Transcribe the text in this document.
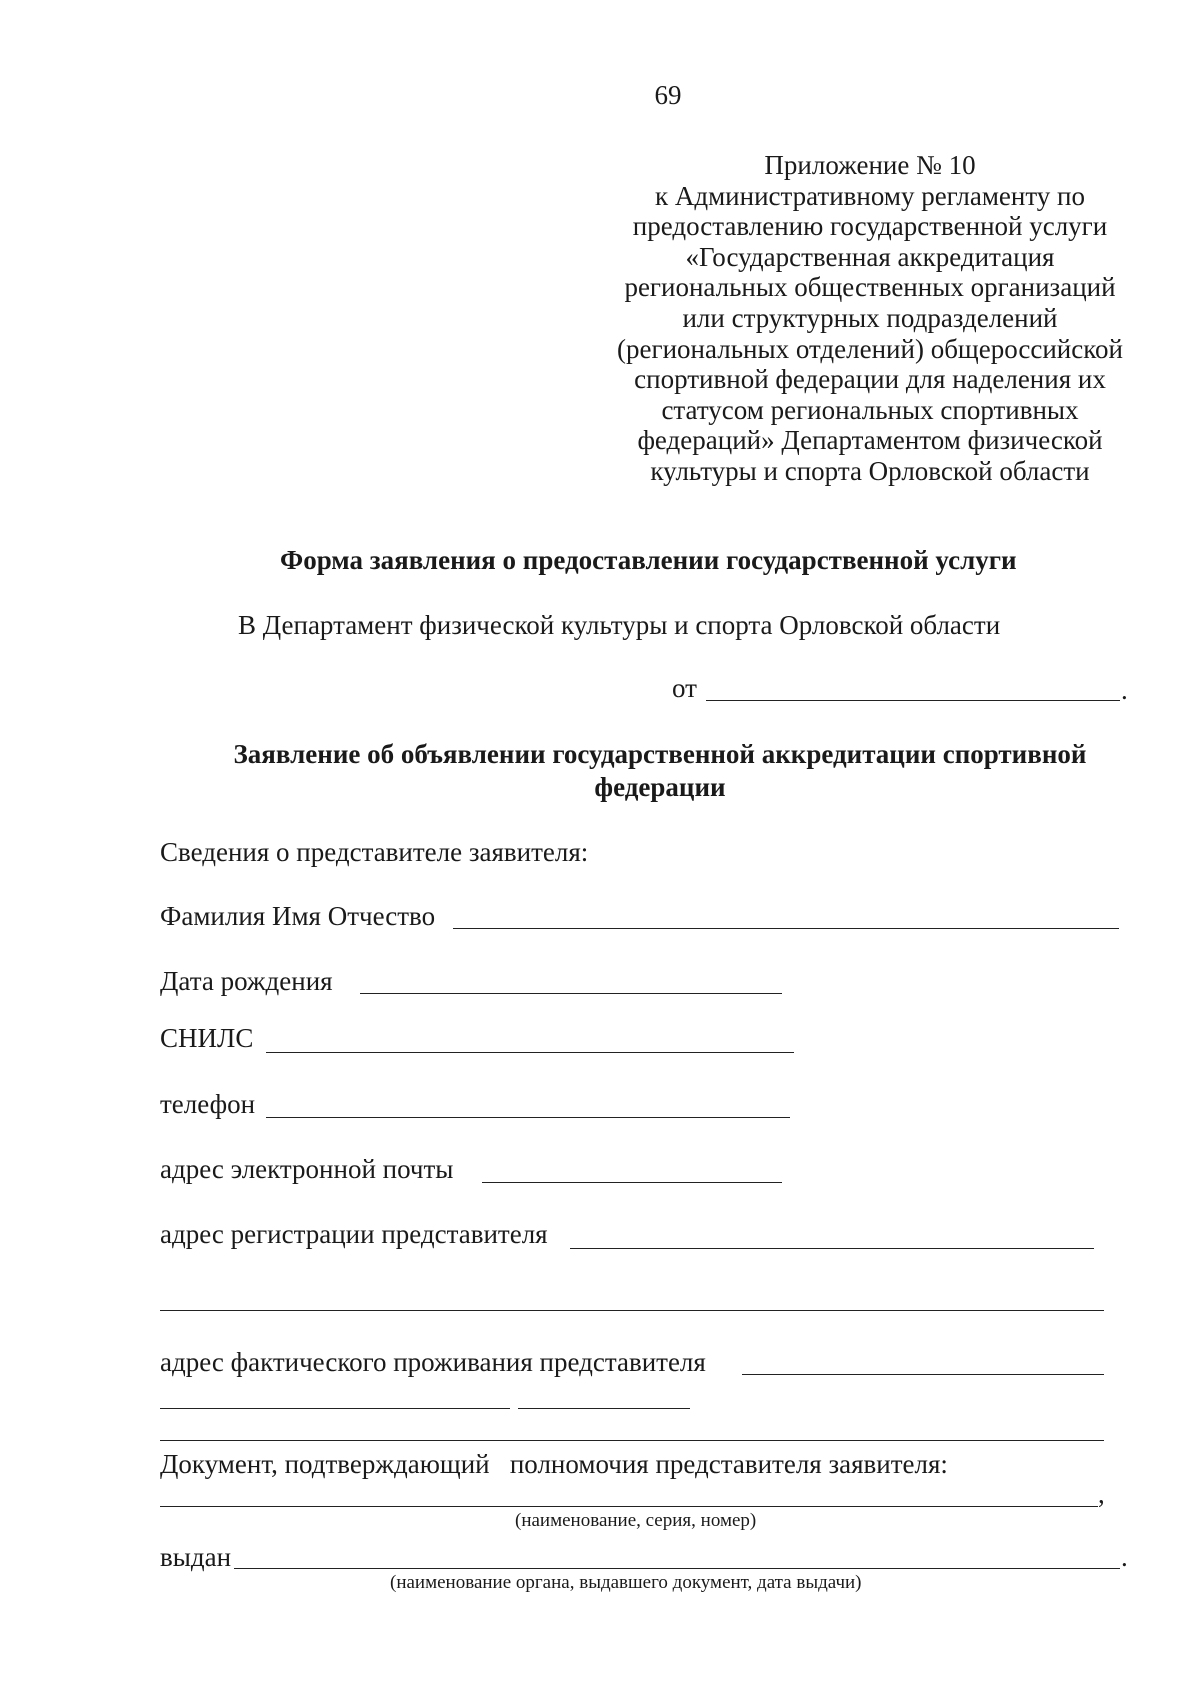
69
Приложение № 10
к Административному регламенту по
предоставлению государственной услуги
«Государственная аккредитация
региональных общественных организаций
или структурных подразделений
(региональных отделений) общероссийской
спортивной федерации для наделения их
статусом региональных спортивных
федераций» Департаментом физической
культуры и спорта Орловской области
Форма заявления о предоставлении государственной услуги
В Департамент физической культуры и спорта Орловской области
от	.
Заявление об объявлении государственной аккредитации спортивной
федерации
Сведения о представителе заявителя:
Фамилия Имя Отчество
Дата рождения
СНИЛС
телефон
адрес электронной почты
адрес регистрации представителя
адрес фактического проживания представителя
Документ, подтверждающий   полномочия представителя заявителя:
,
(наименование, серия, номер)
выдан	.
(наименование органа, выдавшего документ, дата выдачи)
